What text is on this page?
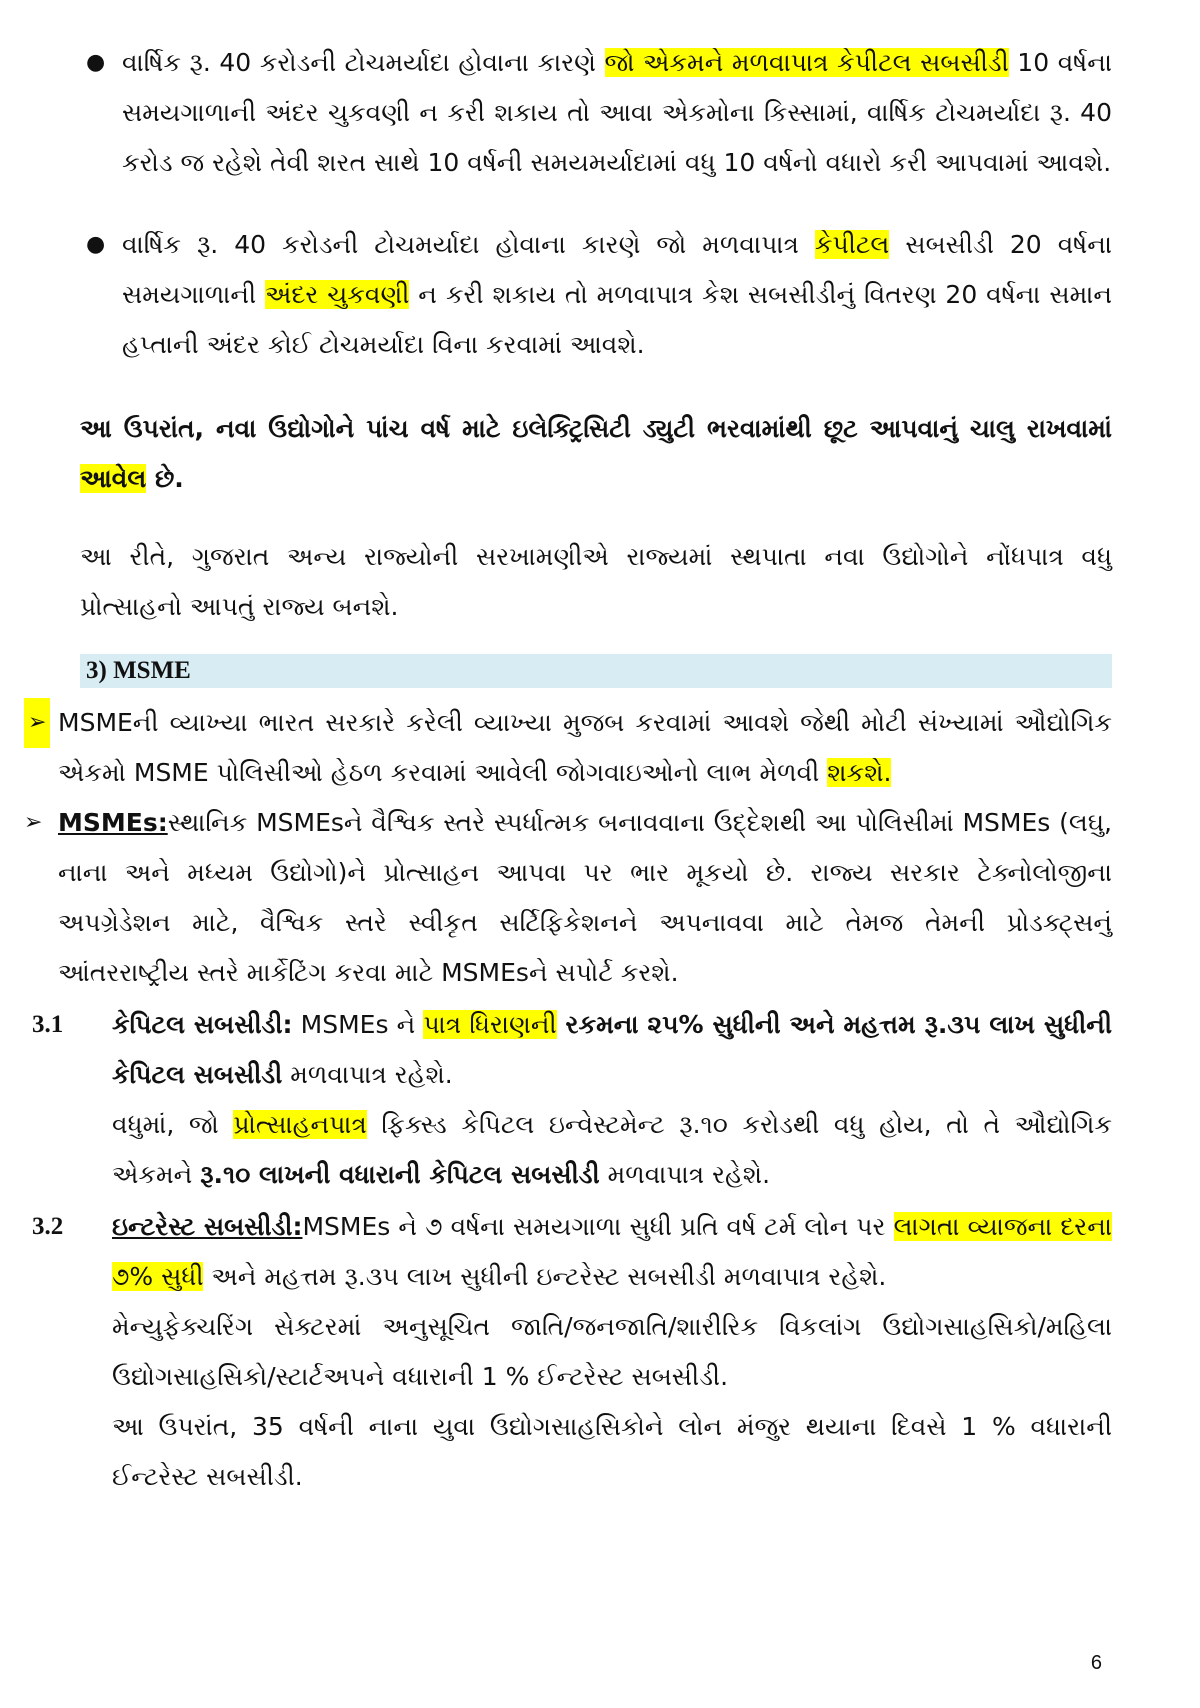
● વાર્ષિક રૂ. 40 કરોડની ટોચમર્યાદા હોવાના કારણે જો એકમને મળવાપાત્ર કેપીટલ સબસીડી 10 વર્ષના સમયગાળાની અંદર ચુકવણી ન કરી શકાય તો આવા એકમોના કિસ્સામાં, વાર્ષિક ટોચમર્યાદા રૂ. 40 કરોડ જ રહેશે તેવી શરત સાથે 10 વર્ષની સમયમર્યાદામાં વધુ 10 વર્ષનો વધારો કરી આપવામાં આવશે.
● વાર્ષિક રૂ. 40 કરોડની ટોચમર્યાદા હોવાના કારણે જો મળવાપાત્ર કેપીટલ સબસીડી 20 વર્ષના સમયગાળાની અંદર ચુકવણી ન કરી શકાય તો મળવાપાત્ર કેશ સબસીડીનું વિતરણ 20 વર્ષના સમાન હપ્તાની અંદર કોઈ ટોચમર્યાદા વિના કરવામાં આવશે.
આ ઉપરાંત, નવા ઉદ્યોગોને પાંચ વર્ષ માટે ઇલેક્ટ્રિસિટી ડ્યુટી ભરવામાંથી છૂટ આપવાનું ચાલુ રાખવામાં આવેલ છે.
આ રીતે, ગુજરાત અન્ય રાજ્યોની સરખામણીએ રાજ્યમાં સ્થપાતા નવા ઉદ્યોગોને નોંધપાત્ર વધુ પ્રોત્સાહનો આપતું રાજ્ય બનશે.
3) MSME
➢ MSMEની વ્યાખ્યા ભારત સરકારે કરેલી વ્યાખ્યા મુજબ કરવામાં આવશે જેથી મોટી સંખ્યામાં ઔદ્યોગિક એકમો MSME પોલિસીઓ હેઠળ કરવામાં આવેલી જોગવાઇઓનો લાભ મેળવી શકશે.
➢ MSMEs:સ્થાનિક MSMEsને વૈશ્વિક સ્તરે સ્પર્ધાત્મક બનાવવાના ઉદ્દેશથી આ પોલિસીમાં MSMEs (લઘુ, નાના અને મધ્યમ ઉદ્યોગો)ને પ્રોત્સાહન આપવા પર ભાર મૂકયો છે. રાજ્ય સરકાર ટેક્નોલોજીના અપગ્રેડેશન માટે, વૈશ્વિક સ્તરે સ્વીકૃત સર્ટિફિકેશનને અપનાવવા માટે તેમજ તેમની પ્રોડક્ટ્સનું આંતરરાષ્ટ્રીય સ્તરે માર્કેટિંગ કરવા માટે MSMEsને સપોર્ટ કરશે.
3.1 કેપિટલ સબસીડી: MSMEs ને પાત્ર ધિરાણની રકમના ૨૫% સુધીની અને મહત્તમ રૂ.૩૫ લાખ સુધીની કેપિટલ સબસીડી મળવાપાત્ર રહેશે.
વધુમાં, જો પ્રોત્સાહનપાત્ર ફિક્સ્ડ કેપિટલ ઇન્વેસ્ટમેન્ટ રૂ.૧૦ કરોડથી વધુ હોય, તો તે ઔદ્યોગિક એકમને રૂ.૧૦ લાખની વધારાની કેપિટલ સબસીડી મળવાપાત્ર રહેશે.
3.2 ઇન્ટરેસ્ટ સબસીડી:MSMEs ને ૭ વર્ષના સમયગાળા સુધી પ્રતિ વર્ષ ટર્મ લોન પર લાગતા વ્યાજના દરના ૭% સુધી અને મહત્તમ રૂ.૩૫ લાખ સુધીની ઇન્ટરેસ્ટ સબસીડી મળવાપાત્ર રહેશે.
મેન્યુફેક્ચરિંગ સેક્ટરમાં અનુસૂચિત જાતિ/જનજાતિ/શારીરિક વિકલાંગ ઉદ્યોગસાહસિકો/મહિલા ઉદ્યોગસાહસિકો/સ્ટાર્ટઅપને વધારાની 1 % ઈન્ટરેસ્ટ સબસીડી.
આ ઉપરાંત, 35 વર્ષની નાના યુવા ઉદ્યોગસાહસિકોને લોન મંજુર થયાના દિવસે 1 % વધારાની ઈન્ટરેસ્ટ સબસીડી.
6
